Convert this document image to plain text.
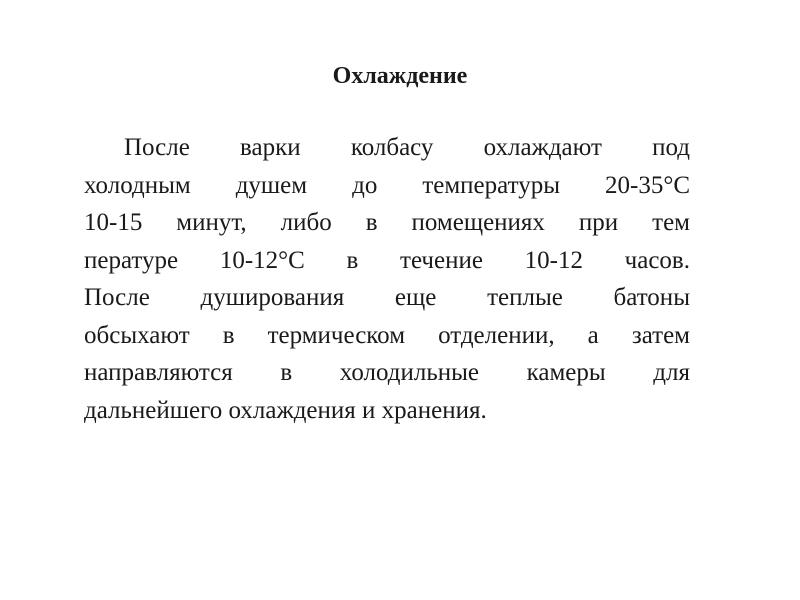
Охлаждение
После варки колбасу охлаждают под
холодным душем до температуры 20-35°С
10-15 минут, либо в помещениях при тем
пературе 10-12°С в течение 10-12 часов.
После душирования еще теплые батоны
обсыхают в термическом отделении, а затем
направляются в холодильные камеры для
дальнейшего охлаждения и хранения.
